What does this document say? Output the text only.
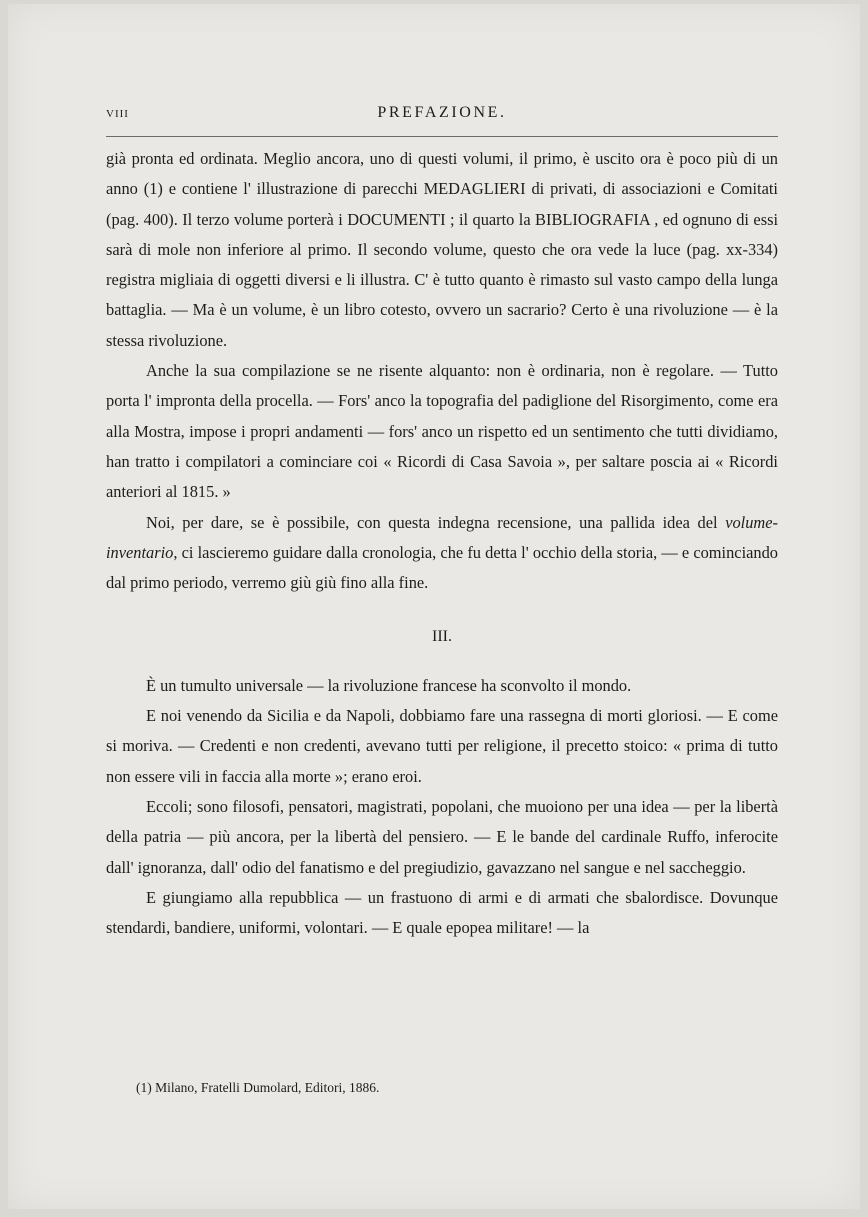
VIII	PREFAZIONE.

già pronta ed ordinata. Meglio ancora, uno di questi volumi, il primo, è uscito ora è poco più di un anno (1) e contiene l' illustrazione di parecchi MEDAGLIERI di privati, di associazioni e Comitati (pag. 400). Il terzo volume porterà i DOCUMENTI ; il quarto la BIBLIOGRAFIA , ed ognuno di essi sarà di mole non inferiore al primo. Il secondo volume, questo che ora vede la luce (pag. xx-334) registra migliaia di oggetti diversi e li illustra. C' è tutto quanto è rimasto sul vasto campo della lunga battaglia. — Ma è un volume, è un libro cotesto, ovvero un sacrario? Certo è una rivoluzione — è la stessa rivoluzione.

Anche la sua compilazione se ne risente alquanto: non è ordinaria, non è regolare. — Tutto porta l' impronta della procella. — Fors' anco la topografia del padiglione del Risorgimento, come era alla Mostra, impose i propri andamenti — fors' anco un rispetto ed un sentimento che tutti dividiamo, han tratto i compilatori a cominciare coi « Ricordi di Casa Savoia », per saltare poscia ai « Ricordi anteriori al 1815. »

Noi, per dare, se è possibile, con questa indegna recensione, una pallida idea del volume-inventario, ci lascieremo guidare dalla cronologia, che fu detta l' occhio della storia, — e cominciando dal primo periodo, verremo giù giù fino alla fine.

III.

È un tumulto universale — la rivoluzione francese ha sconvolto il mondo.

E noi venendo da Sicilia e da Napoli, dobbiamo fare una rassegna di morti gloriosi. — E come si moriva. — Credenti e non credenti, avevano tutti per religione, il precetto stoico: « prima di tutto non essere vili in faccia alla morte »; erano eroi.

Eccoli; sono filosofi, pensatori, magistrati, popolani, che muoiono per una idea — per la libertà della patria — più ancora, per la libertà del pensiero. — E le bande del cardinale Ruffo, inferocite dall' ignoranza, dall' odio del fanatismo e del pregiudizio, gavazzano nel sangue e nel saccheggio.

E giungiamo alla repubblica — un frastuono di armi e di armati che sbalordisce. Dovunque stendardi, bandiere, uniformi, volontari. — E quale epopea militare! — la

(1) Milano, Fratelli Dumolard, Editori, 1886.
